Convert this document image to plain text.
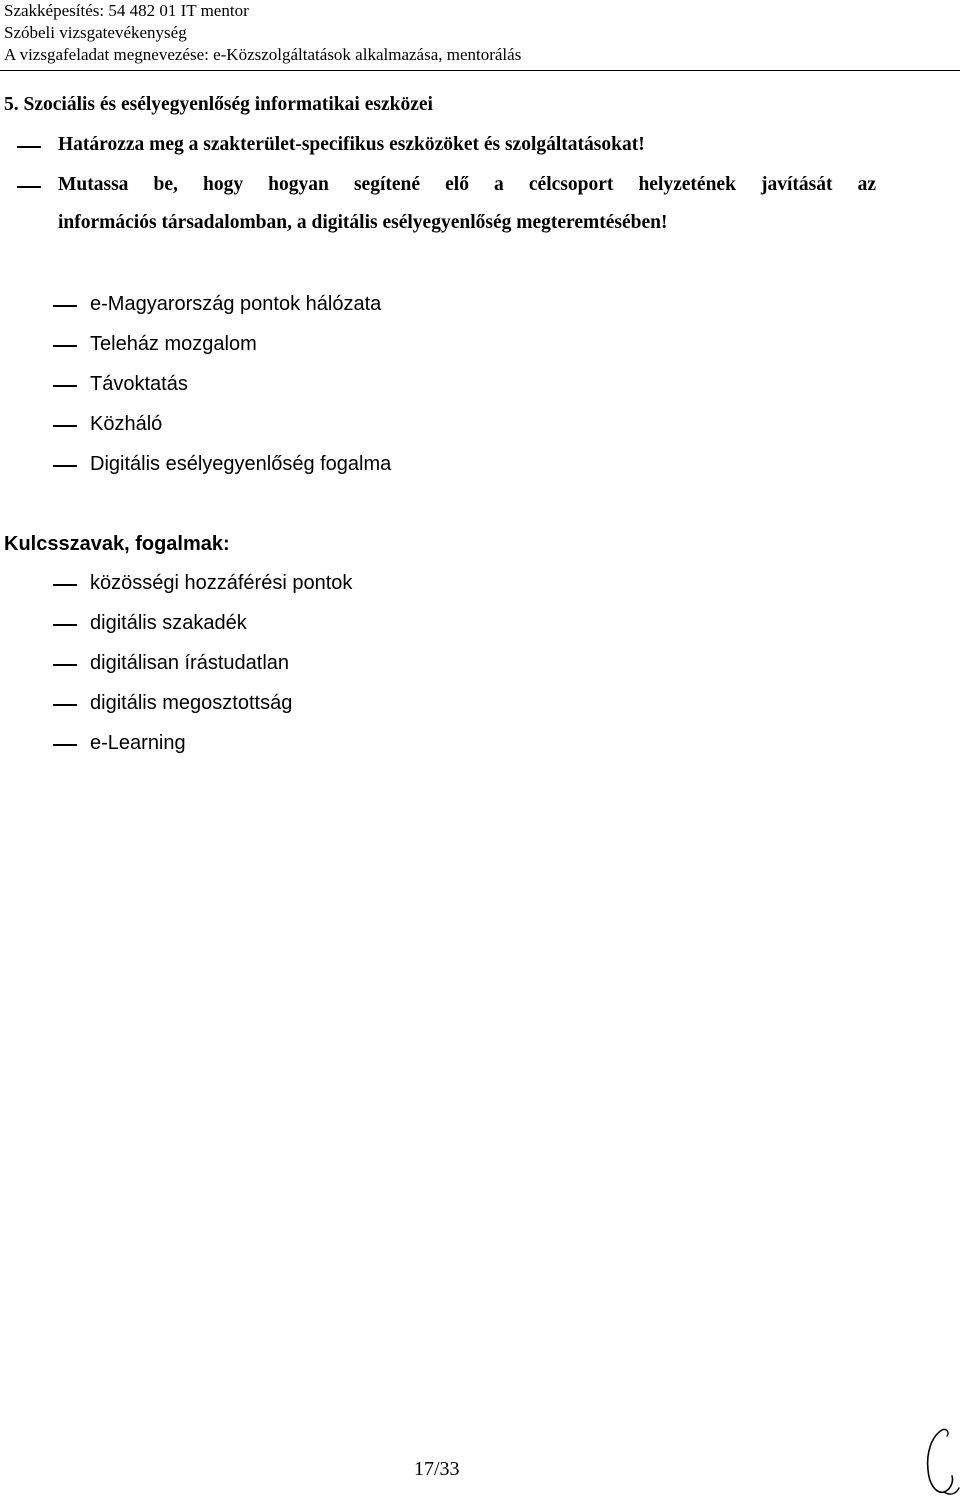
Szakképesítés: 54 482 01 IT mentor
Szóbeli vizsgatevékenység
A vizsgafeladat megnevezése: e-Közszolgáltatások alkalmazása, mentorálás
5. Szociális és esélyegyenlőség informatikai eszközei
Határozza meg a szakterület-specifikus eszközöket és szolgáltatásokat!
Mutassa be, hogy hogyan segítené elő a célcsoport helyzetének javítását az
információs társadalomban, a digitális esélyegyenlőség megteremtésében!
e-Magyarország pontok hálózata
Teleház mozgalom
Távoktatás
Közháló
Digitális esélyegyenlőség fogalma
Kulcsszavak, fogalmak:
közösségi hozzáférési pontok
digitális szakadék
digitálisan írástudatlan
digitális megosztottság
e-Learning
17/33
